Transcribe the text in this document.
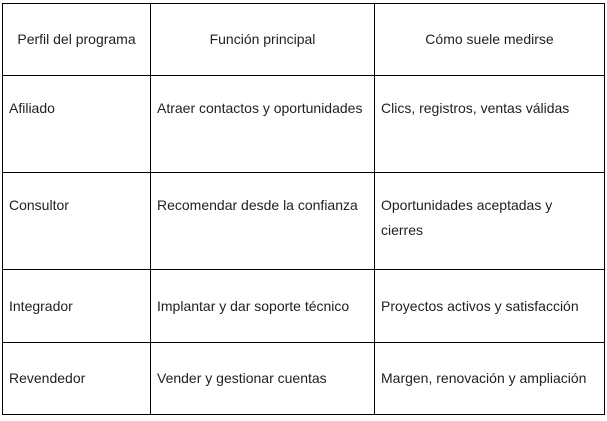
Perfil del programa	Función principal	Cómo suele medirse
Afiliado	Atraer contactos y oportunidades	Clics, registros, ventas válidas
Consultor	Recomendar desde la confianza	Oportunidades aceptadas y cierres
Integrador	Implantar y dar soporte técnico	Proyectos activos y satisfacción
Revendedor	Vender y gestionar cuentas	Margen, renovación y ampliación
